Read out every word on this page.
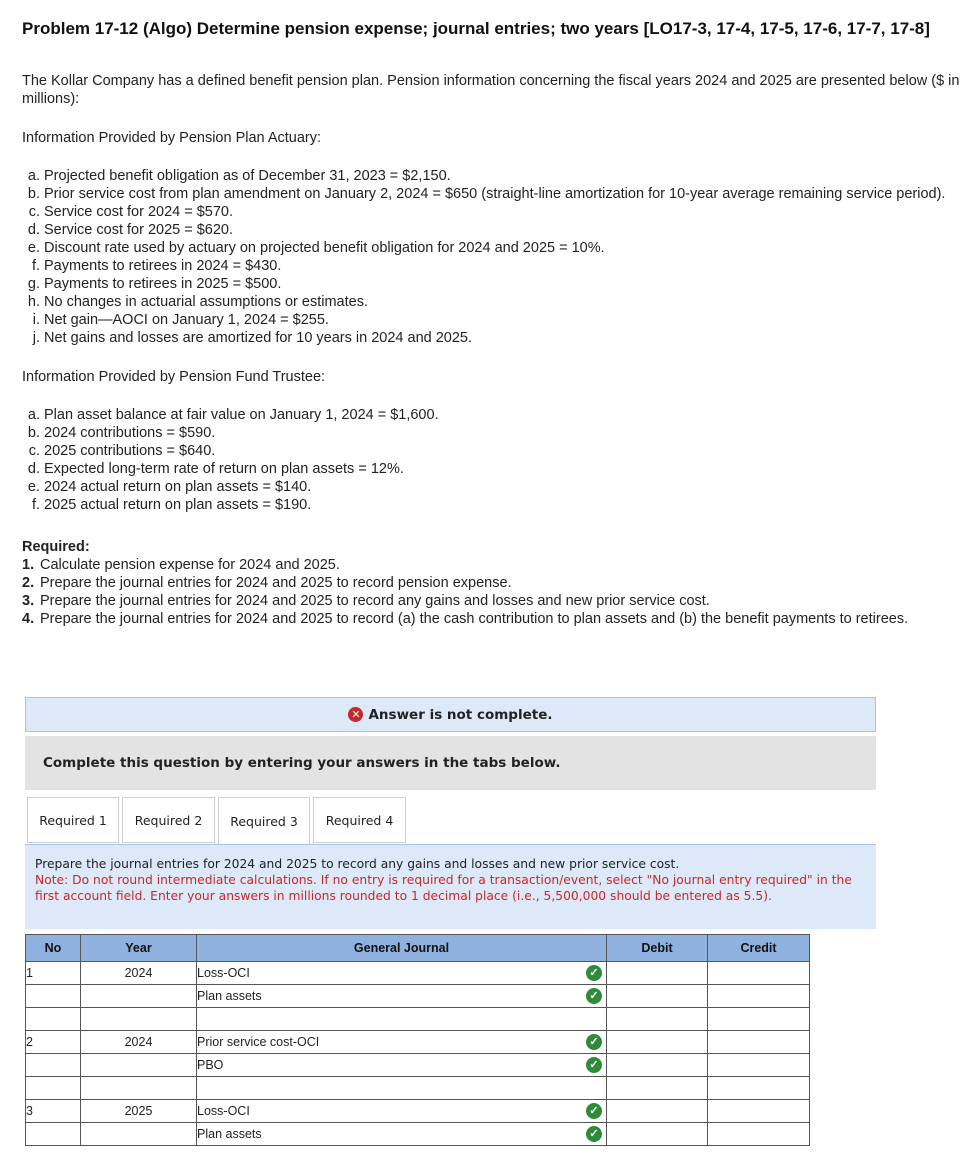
Problem 17-12 (Algo) Determine pension expense; journal entries; two years [LO17-3, 17-4, 17-5, 17-6, 17-7, 17-8]

The Kollar Company has a defined benefit pension plan. Pension information concerning the fiscal years 2024 and 2025 are presented below ($ in millions):

Information Provided by Pension Plan Actuary:

a. Projected benefit obligation as of December 31, 2023 = $2,150.
b. Prior service cost from plan amendment on January 2, 2024 = $650 (straight-line amortization for 10-year average remaining service period).
c. Service cost for 2024 = $570.
d. Service cost for 2025 = $620.
e. Discount rate used by actuary on projected benefit obligation for 2024 and 2025 = 10%.
f. Payments to retirees in 2024 = $430.
g. Payments to retirees in 2025 = $500.
h. No changes in actuarial assumptions or estimates.
i. Net gain—AOCI on January 1, 2024 = $255.
j. Net gains and losses are amortized for 10 years in 2024 and 2025.

Information Provided by Pension Fund Trustee:

a. Plan asset balance at fair value on January 1, 2024 = $1,600.
b. 2024 contributions = $590.
c. 2025 contributions = $640.
d. Expected long-term rate of return on plan assets = 12%.
e. 2024 actual return on plan assets = $140.
f. 2025 actual return on plan assets = $190.

Required:

1. Calculate pension expense for 2024 and 2025.
2. Prepare the journal entries for 2024 and 2025 to record pension expense.
3. Prepare the journal entries for 2024 and 2025 to record any gains and losses and new prior service cost.
4. Prepare the journal entries for 2024 and 2025 to record (a) the cash contribution to plan assets and (b) the benefit payments to retirees.
✕ Answer is not complete.
Complete this question by entering your answers in the tabs below.
Required 1	Required 2	Required 3	Required 4
Prepare the journal entries for 2024 and 2025 to record any gains and losses and new prior service cost.
Note: Do not round intermediate calculations. If no entry is required for a transaction/event, select "No journal entry required" in the first account field. Enter your answers in millions rounded to 1 decimal place (i.e., 5,500,000 should be entered as 5.5).
No	Year	General Journal	Debit	Credit
1	2024	Loss-OCI ✓		

		Plan assets ✓		

2	2024	Prior service cost-OCI ✓		

		PBO ✓		

3	2025	Loss-OCI ✓		

		Plan assets ✓		
